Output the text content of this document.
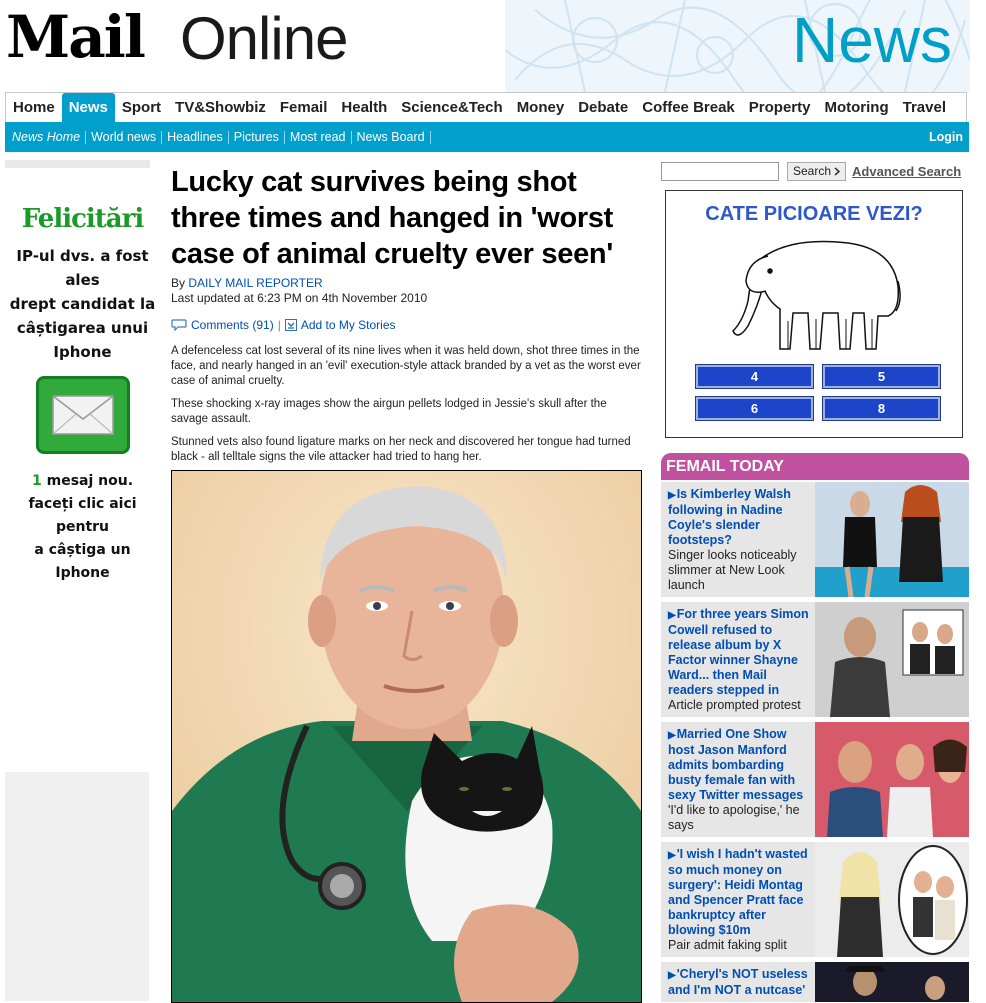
Mail Online	News
Home News Sport TV&Showbiz Femail Health Science&Tech Money Debate Coffee Break Property Motoring Travel
News Home World news Headlines Pictures Most read News Board	Login
Felicitări
IP-ul dvs. a fost ales
drept candidat la
câștigarea unui
Iphone
1 mesaj nou.
faceți clic aici pentru
a câștiga un Iphone
Lucky cat survives being shot three times and hanged in 'worst case of animal cruelty ever seen'
By DAILY MAIL REPORTER
Last updated at 6:23 PM on 4th November 2010
Comments (91) | Add to My Stories

A defenceless cat lost several of its nine lives when it was held down, shot three times in the face, and nearly hanged in an 'evil' execution-style attack branded by a vet as the worst ever case of animal cruelty.

These shocking x-ray images show the airgun pellets lodged in Jessie's skull after the savage assault.

Stunned vets also found ligature marks on her neck and discovered her tongue had turned black - all telltale signs the vile attacker had tried to hang her.

Search Advanced Search
CATE PICIOARE VEZI?
4	5
6	8
FEMAIL TODAY
▶Is Kimberley Walsh following in Nadine Coyle's slender footsteps?
Singer looks noticeably slimmer at New Look launch
▶For three years Simon Cowell refused to release album by X Factor winner Shayne Ward... then Mail readers stepped in
Article prompted protest
▶Married One Show host Jason Manford admits bombarding busty female fan with sexy Twitter messages
'I'd like to apologise,' he says
▶'I wish I hadn't wasted so much money on surgery': Heidi Montag and Spencer Pratt face bankruptcy after blowing $10m
Pair admit faking split
▶'Cheryl's NOT useless and I'm NOT a nutcase'
